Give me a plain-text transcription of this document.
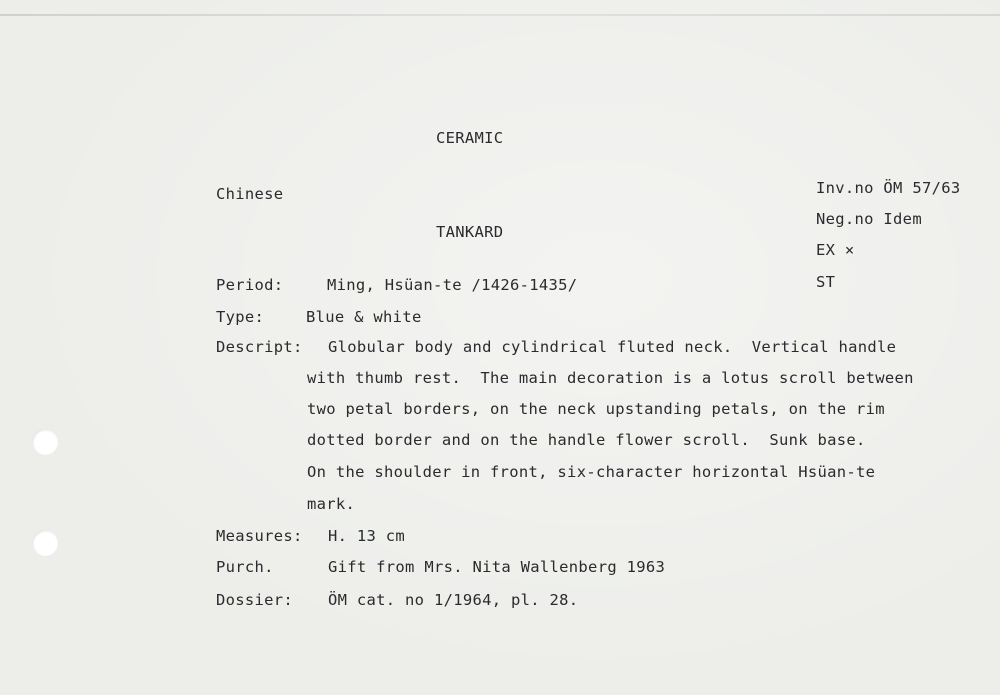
CERAMIC
Chinese
TANKARD
Inv.no ÖM 57/63
Neg.no Idem
EX ×
ST
Period:	Ming, Hsüan-te /1426-1435/
Type:	Blue & white
Descript: Globular body and cylindrical fluted neck.  Vertical handle
with thumb rest.  The main decoration is a lotus scroll between
two petal borders, on the neck upstanding petals, on the rim
dotted border and on the handle flower scroll.  Sunk base.
On the shoulder in front, six-character horizontal Hsüan-te
mark.
Measures: H. 13 cm
Purch.	Gift from Mrs. Nita Wallenberg 1963
Dossier: ÖM cat. no 1/1964, pl. 28.
